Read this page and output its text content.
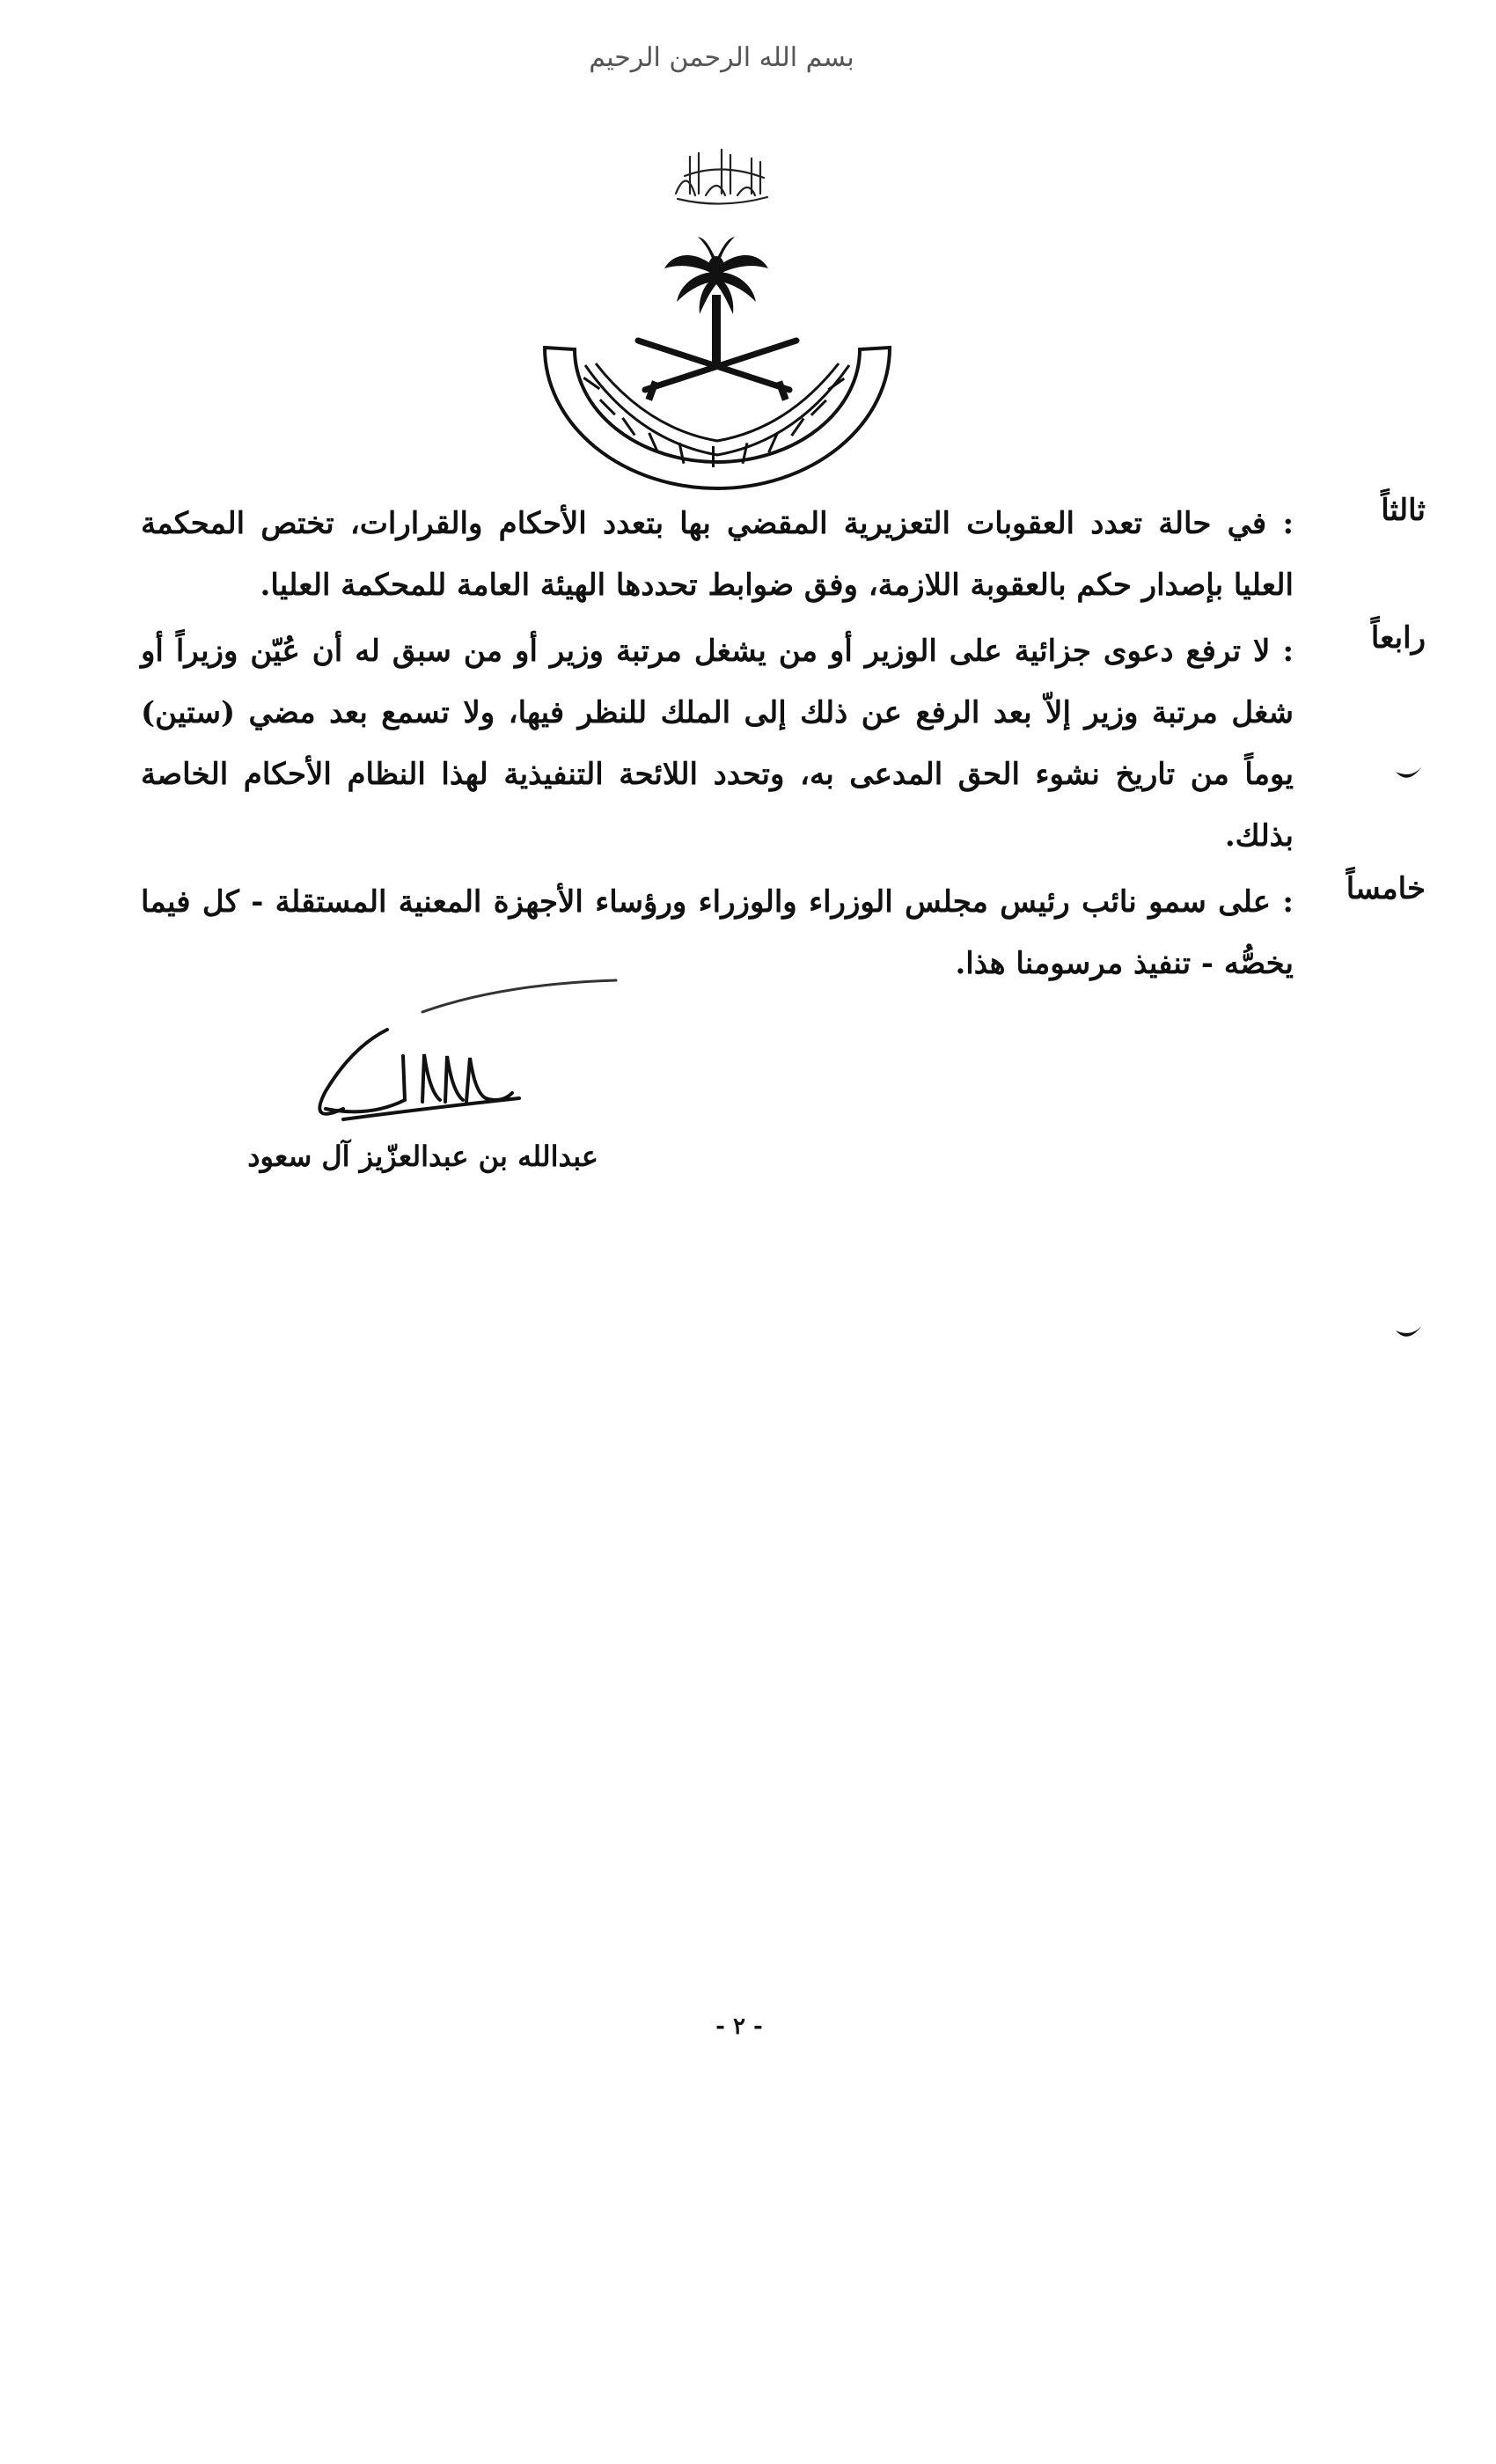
بسم الله الرحمن الرحيم
ثالثاً
: في حالة تعدد العقوبات التعزيرية المقضي بها بتعدد الأحكام والقرارات، تختص المحكمة العليا بإصدار حكم بالعقوبة اللازمة، وفق ضوابط تحددها الهيئة العامة للمحكمة العليا.
رابعاً
: لا ترفع دعوى جزائية على الوزير أو من يشغل مرتبة وزير أو من سبق له أن عُيّن وزيراً أو شغل مرتبة وزير إلاّ بعد الرفع عن ذلك إلى الملك للنظر فيها، ولا تسمع بعد مضي (ستين) يوماً من تاريخ نشوء الحق المدعى به، وتحدد اللائحة التنفيذية لهذا النظام الأحكام الخاصة بذلك.
خامساً
: على سمو نائب رئيس مجلس الوزراء والوزراء ورؤساء الأجهزة المعنية المستقلة - كل فيما يخصُّه - تنفيذ مرسومنا هذا.
عبدالله بن عبدالعزّيز آل سعود
- ٢ -
